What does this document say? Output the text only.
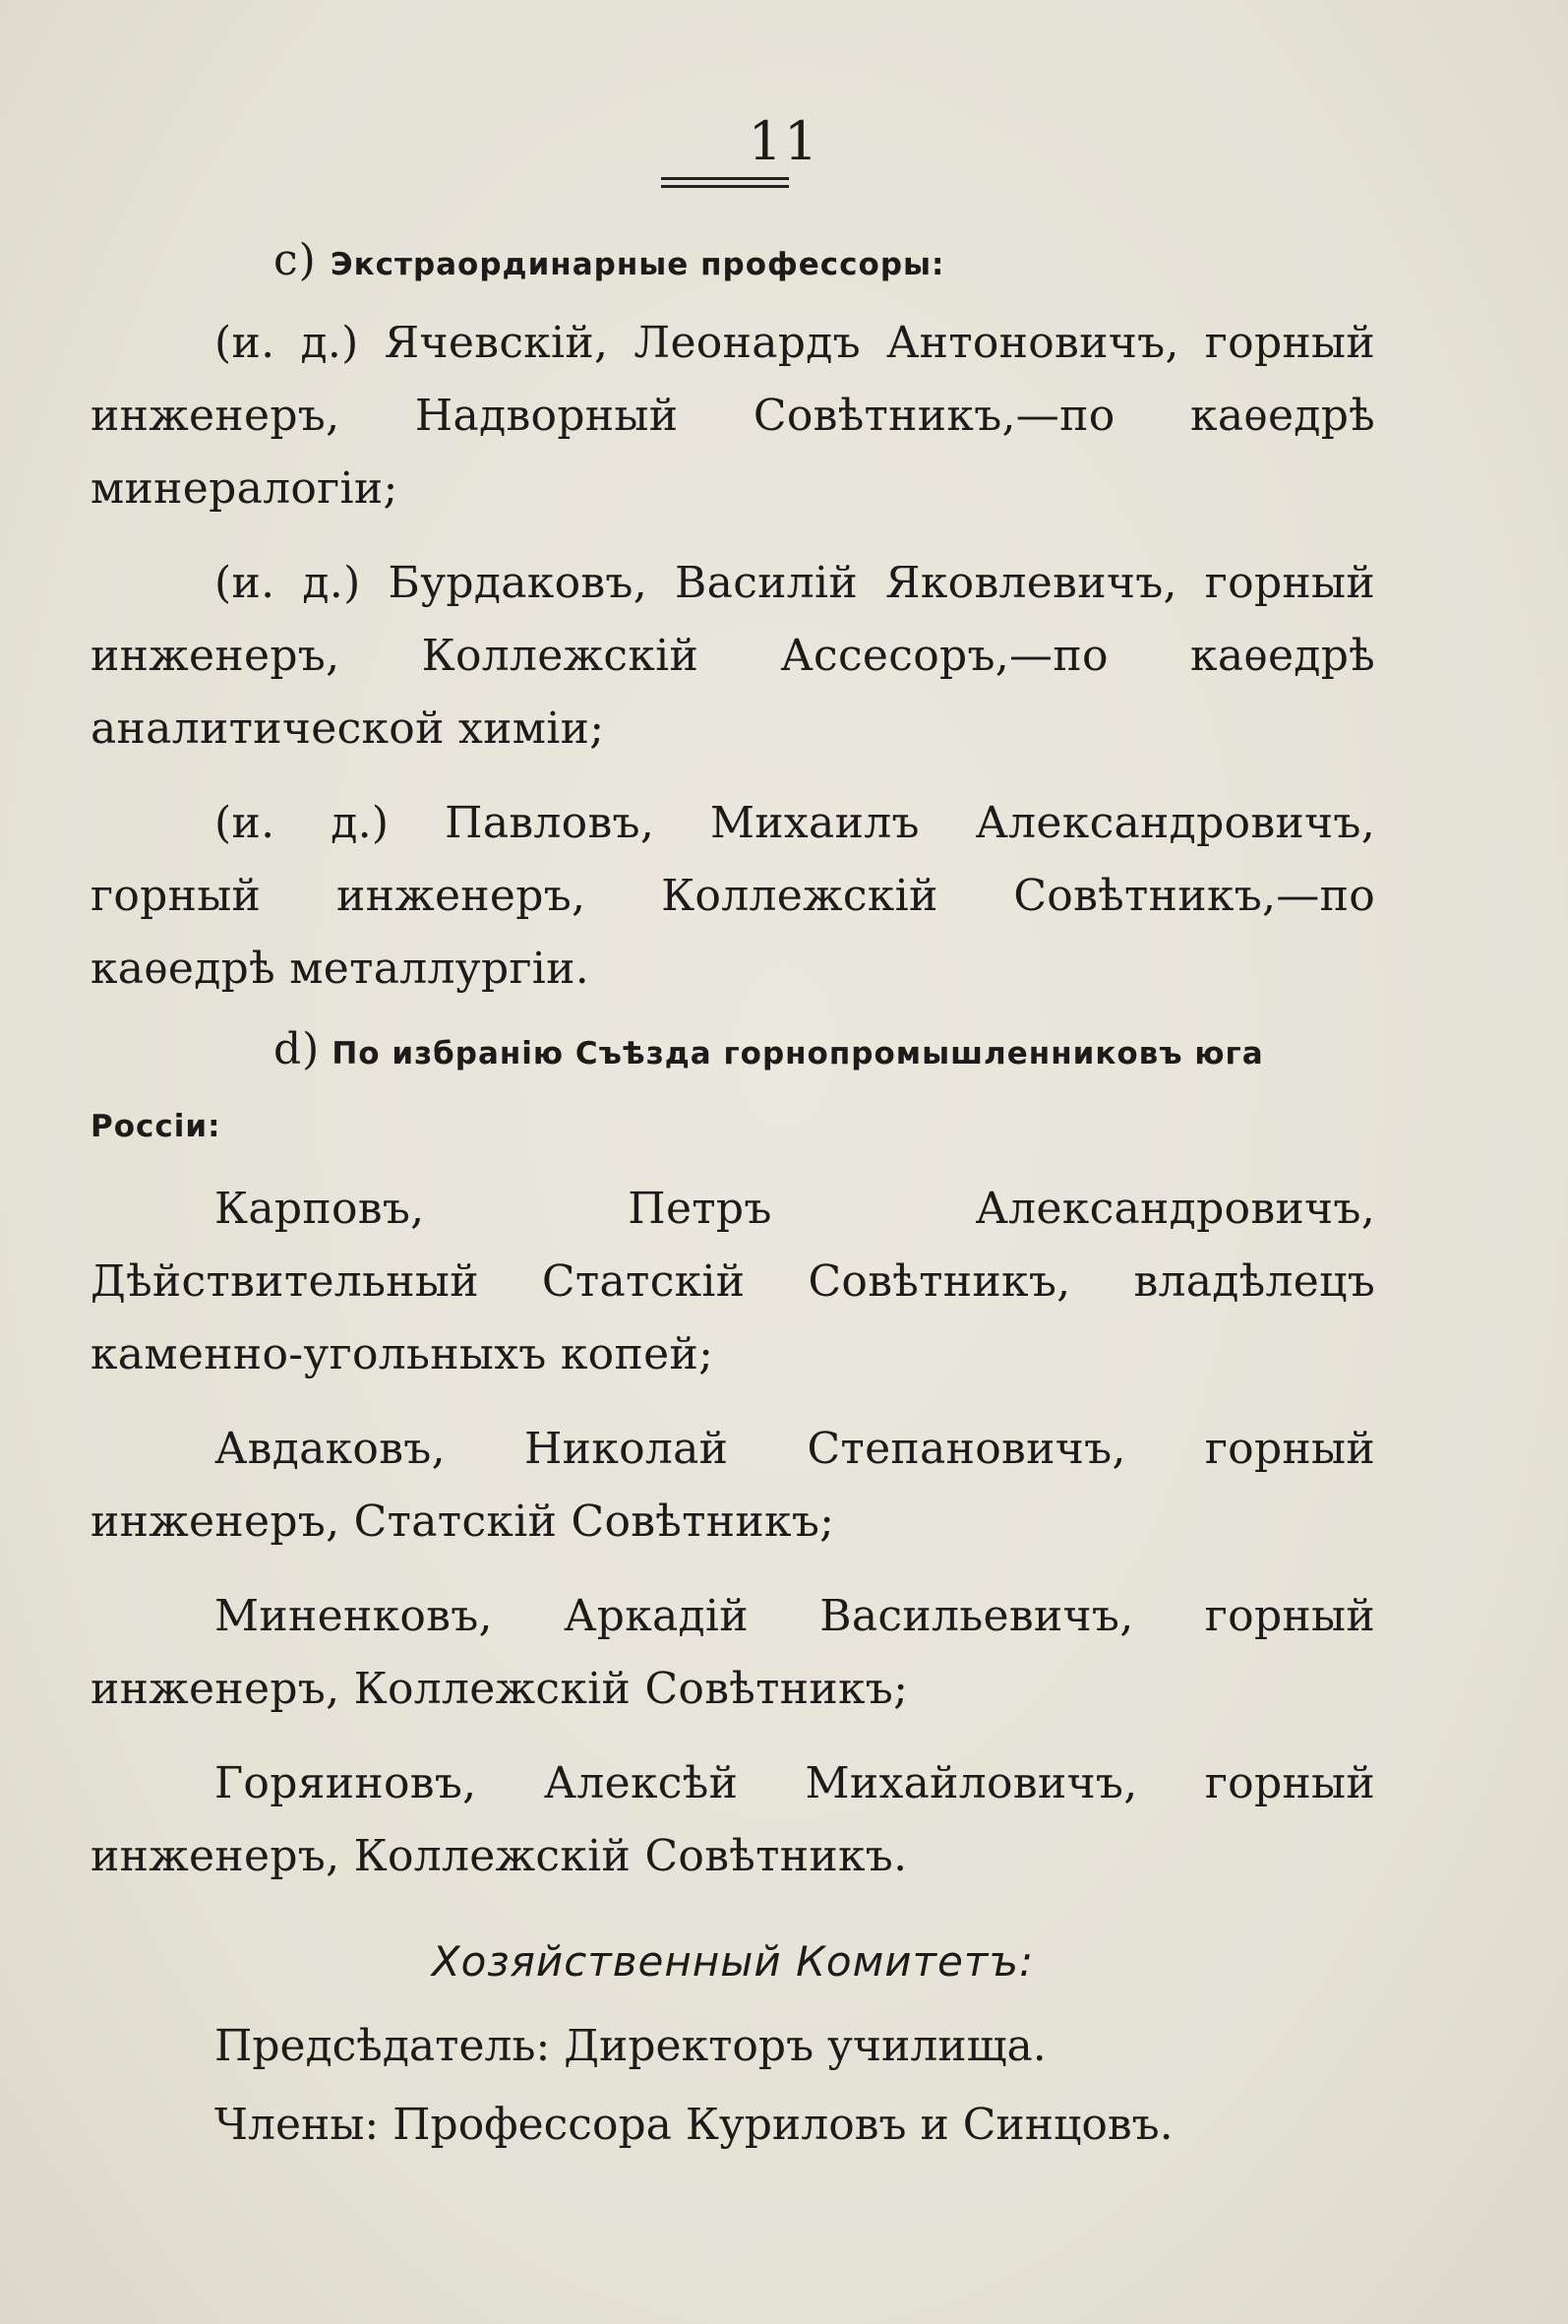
11
c) Экстраординарные профессоры:

(и. д.) Ячевскій, Леонардъ Антоновичъ, горный инженеръ, Надворный Совѣтникъ,—по каѳедрѣ минералогіи;

(и. д.) Бурдаковъ, Василій Яковлевичъ, горный инженеръ, Коллежскій Ассесоръ,—по каѳедрѣ аналитической химіи;

(и. д.) Павловъ, Михаилъ Александровичъ, горный инженеръ, Коллежскій Совѣтникъ,—по каѳедрѣ металлургіи.

d) По избранію Съѣзда горнопромышленниковъ юга Россіи:

Карповъ, Петръ Александровичъ, Дѣйствительный Статскій Совѣтникъ, владѣлецъ каменно-угольныхъ копей;

Авдаковъ, Николай Степановичъ, горный инженеръ, Статскій Совѣтникъ;

Миненковъ, Аркадій Васильевичъ, горный инженеръ, Коллежскій Совѣтникъ;

Горяиновъ, Алексѣй Михайловичъ, горный инженеръ, Коллежскій Совѣтникъ.

Хозяйственный Комитетъ:

Предсѣдатель: Директоръ училища.

Члены: Профессора Куриловъ и Синцовъ.
